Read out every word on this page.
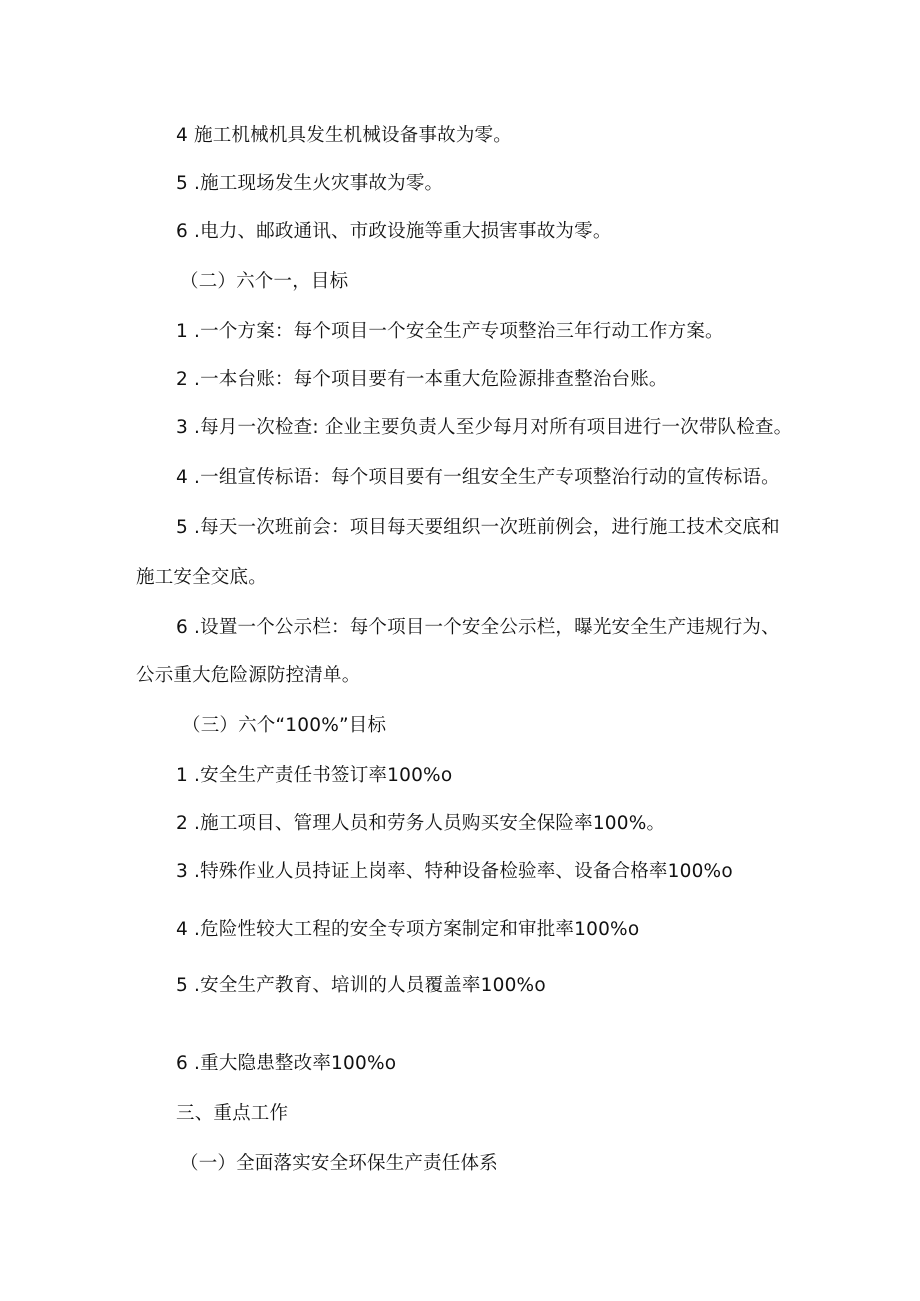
4 施工机械机具发生机械设备事故为零。
5 .施工现场发生火灾事故为零。
6 .电力、邮政通讯、市政设施等重大损害事故为零。
（二）六个一，目标
1 .一个方案：每个项目一个安全生产专项整治三年行动工作方案。
2 .一本台账：每个项目要有一本重大危险源排查整治台账。
3 .每月一次检查: 企业主要负责人至少每月对所有项目进行一次带队检查。
4 .一组宣传标语：每个项目要有一组安全生产专项整治行动的宣传标语。
5 .每天一次班前会：项目每天要组织一次班前例会，进行施工技术交底和
施工安全交底。
6 .设置一个公示栏：每个项目一个安全公示栏，曝光安全生产违规行为、
公示重大危险源防控清单。
（三）六个“100%”目标
1 .安全生产责任书签订率100%o
2 .施工项目、管理人员和劳务人员购买安全保险率100%。
3 .特殊作业人员持证上岗率、特种设备检验率、设备合格率100%o
4 .危险性较大工程的安全专项方案制定和审批率100%o
5 .安全生产教育、培训的人员覆盖率100%o
6 .重大隐患整改率100%o
三、重点工作
（一）全面落实安全环保生产责任体系
